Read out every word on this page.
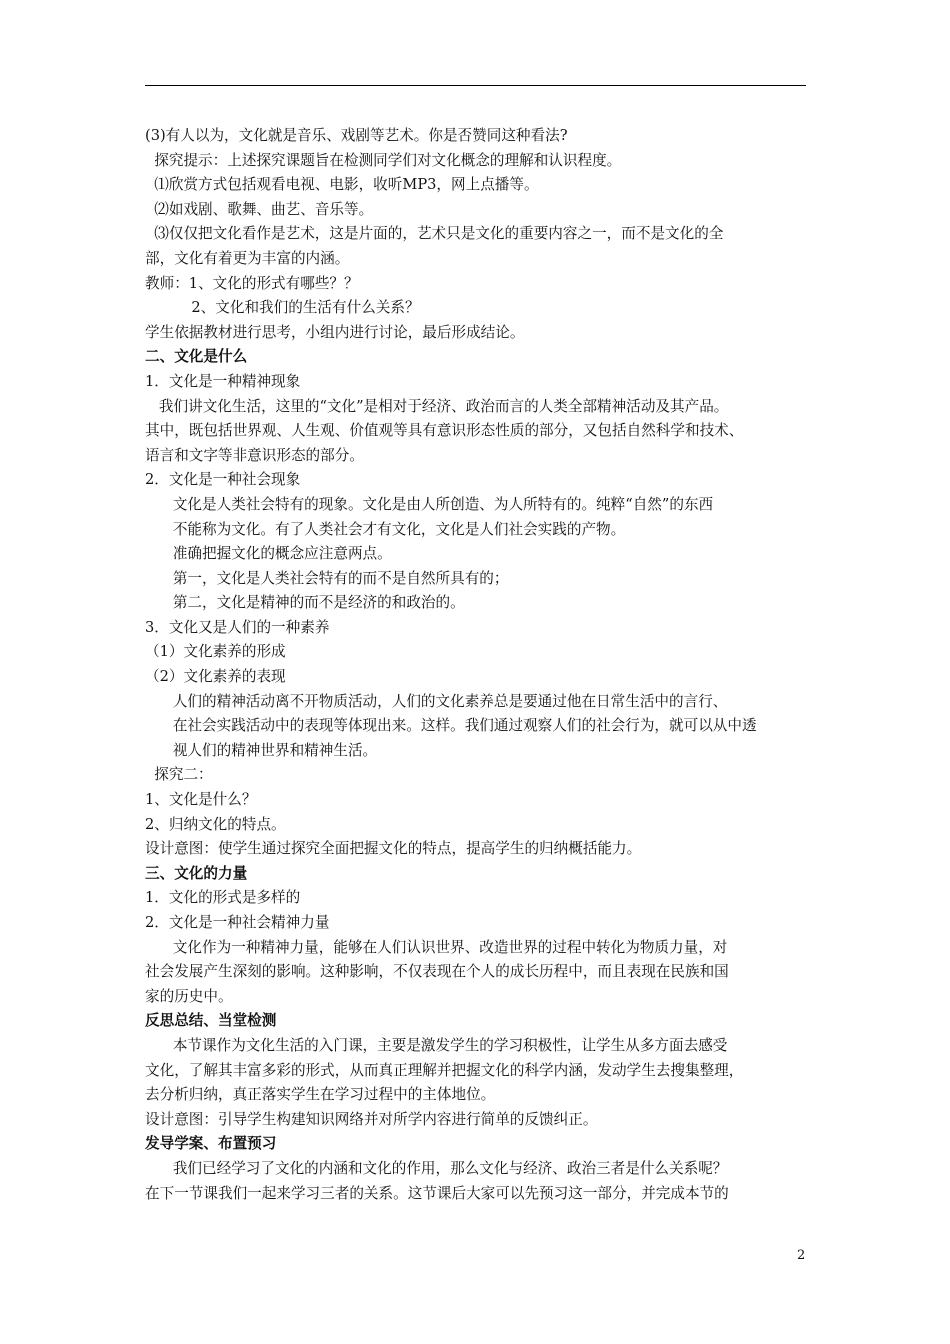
(3)有人以为，文化就是音乐、戏剧等艺术。你是否赞同这种看法?
探究提示：上述探究课题旨在检测同学们对文化概念的理解和认识程度。
⑴欣赏方式包括观看电视、电影，收听MP3，网上点播等。
⑵如戏剧、歌舞、曲艺、音乐等。
⑶仅仅把文化看作是艺术，这是片面的，艺术只是文化的重要内容之一，而不是文化的全
部，文化有着更为丰富的内涵。
教师：1、文化的形式有哪些？？
2、文化和我们的生活有什么关系？
学生依据教材进行思考，小组内进行讨论，最后形成结论。
二、文化是什么
1．文化是一种精神现象
我们讲文化生活，这里的“文化”是相对于经济、政治而言的人类全部精神活动及其产品。
其中，既包括世界观、人生观、价值观等具有意识形态性质的部分，又包括自然科学和技术、
语言和文字等非意识形态的部分。
2．文化是一种社会现象
文化是人类社会特有的现象。文化是由人所创造、为人所特有的。纯粹“自然”的东西
不能称为文化。有了人类社会才有文化，文化是人们社会实践的产物。
准确把握文化的概念应注意两点。
第一，文化是人类社会特有的而不是自然所具有的；
第二，文化是精神的而不是经济的和政治的。
3．文化又是人们的一种素养
（1）文化素养的形成
（2）文化素养的表现
人们的精神活动离不开物质活动，人们的文化素养总是要通过他在日常生活中的言行、
在社会实践活动中的表现等体现出来。这样。我们通过观察人们的社会行为，就可以从中透
视人们的精神世界和精神生活。
探究二：
1、文化是什么？
2、归纳文化的特点。
设计意图：使学生通过探究全面把握文化的特点，提高学生的归纳概括能力。
三、文化的力量
1．文化的形式是多样的
2．文化是一种社会精神力量
文化作为一种精神力量，能够在人们认识世界、改造世界的过程中转化为物质力量，对
社会发展产生深刻的影响。这种影响，不仅表现在个人的成长历程中，而且表现在民族和国
家的历史中。
反思总结、当堂检测
本节课作为文化生活的入门课，主要是激发学生的学习积极性，让学生从多方面去感受
文化，了解其丰富多彩的形式，从而真正理解并把握文化的科学内涵，发动学生去搜集整理，
去分析归纳，真正落实学生在学习过程中的主体地位。
设计意图：引导学生构建知识网络并对所学内容进行简单的反馈纠正。
发导学案、布置预习
我们已经学习了文化的内涵和文化的作用，那么文化与经济、政治三者是什么关系呢？
在下一节课我们一起来学习三者的关系。这节课后大家可以先预习这一部分，并完成本节的
2
